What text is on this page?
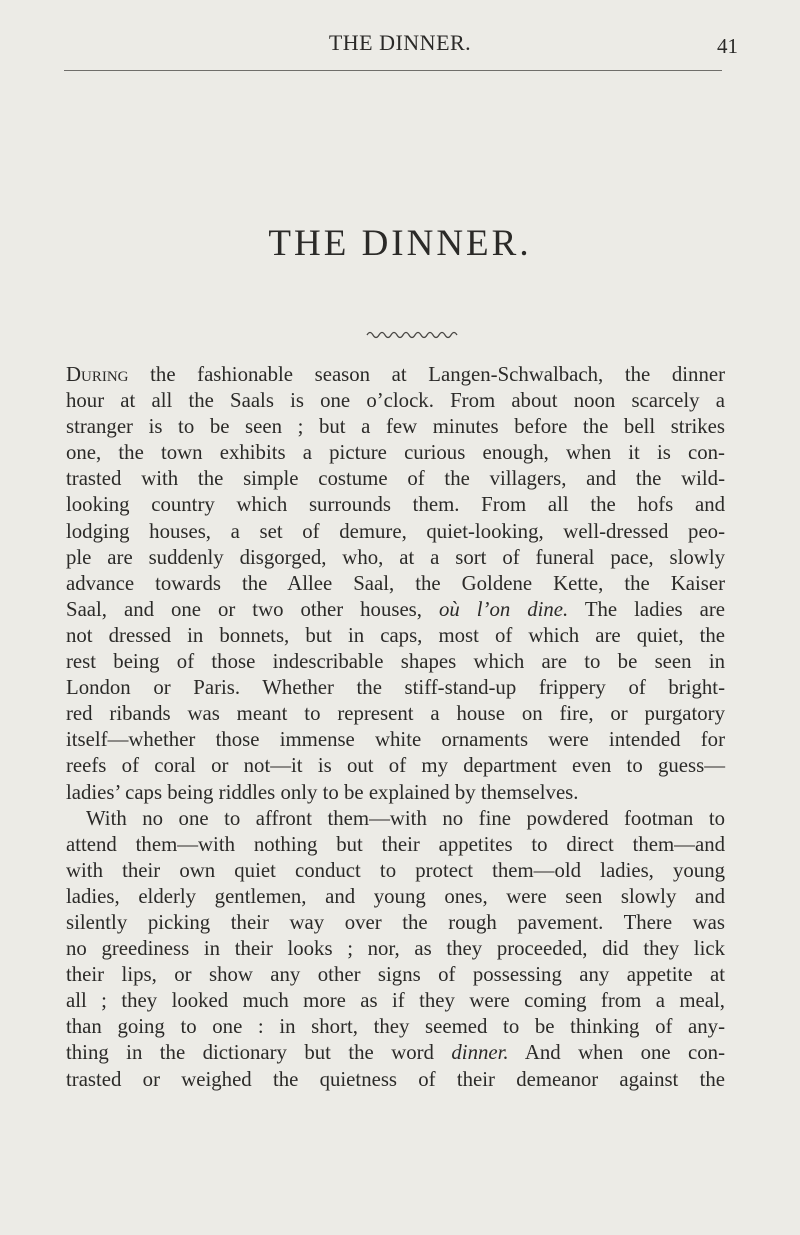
THE DINNER.	41
THE DINNER.
During the fashionable season at Langen-Schwalbach, the dinner
hour at all the Saals is one o’clock. From about noon scarcely a
stranger is to be seen ; but a few minutes before the bell strikes
one, the town exhibits a picture curious enough, when it is con-
trasted with the simple costume of the villagers, and the wild-
looking country which surrounds them. From all the hofs and
lodging houses, a set of demure, quiet-looking, well-dressed peo-
ple are suddenly disgorged, who, at a sort of funeral pace, slowly
advance towards the Allee Saal, the Goldene Kette, the Kaiser
Saal, and one or two other houses, où l’on dine. The ladies are
not dressed in bonnets, but in caps, most of which are quiet, the
rest being of those indescribable shapes which are to be seen in
London or Paris. Whether the stiff-stand-up frippery of bright-
red ribands was meant to represent a house on fire, or purgatory
itself—whether those immense white ornaments were intended for
reefs of coral or not—it is out of my department even to guess—
ladies’ caps being riddles only to be explained by themselves.
With no one to affront them—with no fine powdered footman to
attend them—with nothing but their appetites to direct them—and
with their own quiet conduct to protect them—old ladies, young
ladies, elderly gentlemen, and young ones, were seen slowly and
silently picking their way over the rough pavement. There was
no greediness in their looks ; nor, as they proceeded, did they lick
their lips, or show any other signs of possessing any appetite at
all ; they looked much more as if they were coming from a meal,
than going to one : in short, they seemed to be thinking of any-
thing in the dictionary but the word dinner. And when one con-
trasted or weighed the quietness of their demeanor against the
